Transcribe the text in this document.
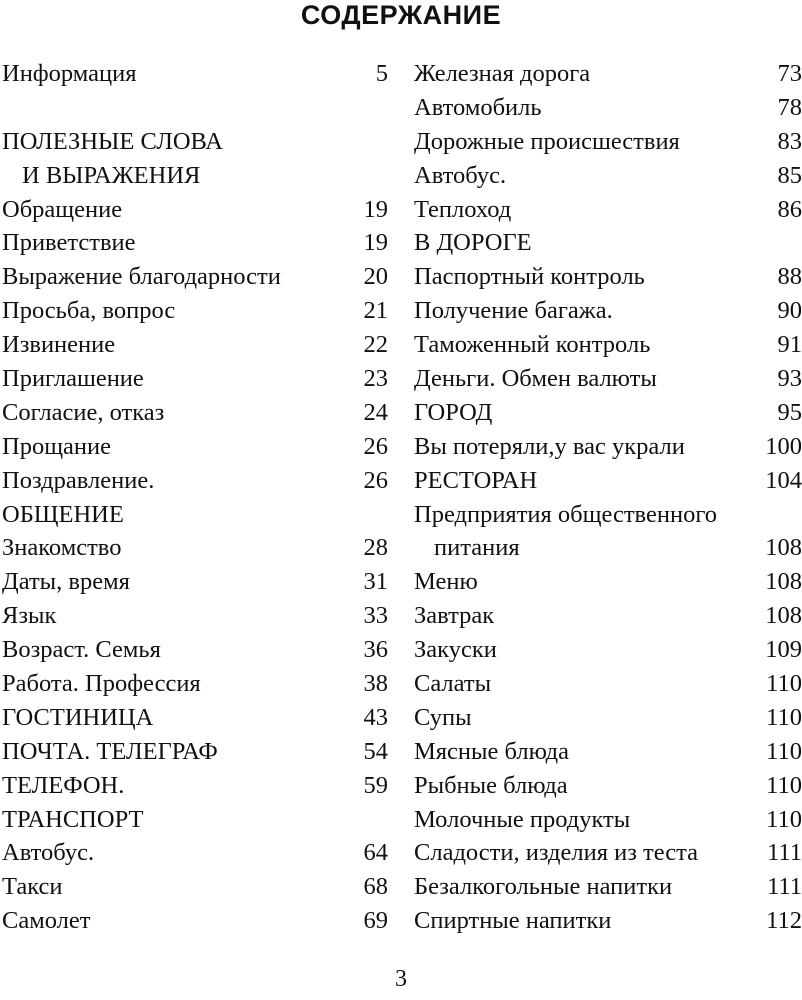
СОДЕРЖАНИЕ
Информация	5
ПОЛЕЗНЫЕ СЛОВА
И ВЫРАЖЕНИЯ
Обращение	19
Приветствие	19
Выражение благодарности	20
Просьба, вопрос	21
Извинение	22
Приглашение	23
Согласие, отказ	24
Прощание	26
Поздравление.	26
ОБЩЕНИЕ
Знакомство	28
Даты, время	31
Язык	33
Возраст. Семья	36
Работа. Профессия	38
ГОСТИНИЦА	43
ПОЧТА. ТЕЛЕГРАФ	54
ТЕЛЕФОН.	59
ТРАНСПОРТ
Автобус.	64
Такси	68
Самолет	69
Железная дорога	73
Автомобиль	78
Дорожные происшествия	83
Автобус.	85
Теплоход	86
В ДОРОГЕ
Паспортный контроль	88
Получение багажа.	90
Таможенный контроль	91
Деньги. Обмен валюты	93
ГОРОД	95
Вы потеряли,у вас украли	100
РЕСТОРАН	104
Предприятия общественного
питания	108
Меню	108
Завтрак	108
Закуски	109
Салаты	110
Супы	110
Мясные блюда	110
Рыбные блюда	110
Молочные продукты	110
Сладости, изделия из теста	111
Безалкогольные напитки	111
Спиртные напитки	112
3
